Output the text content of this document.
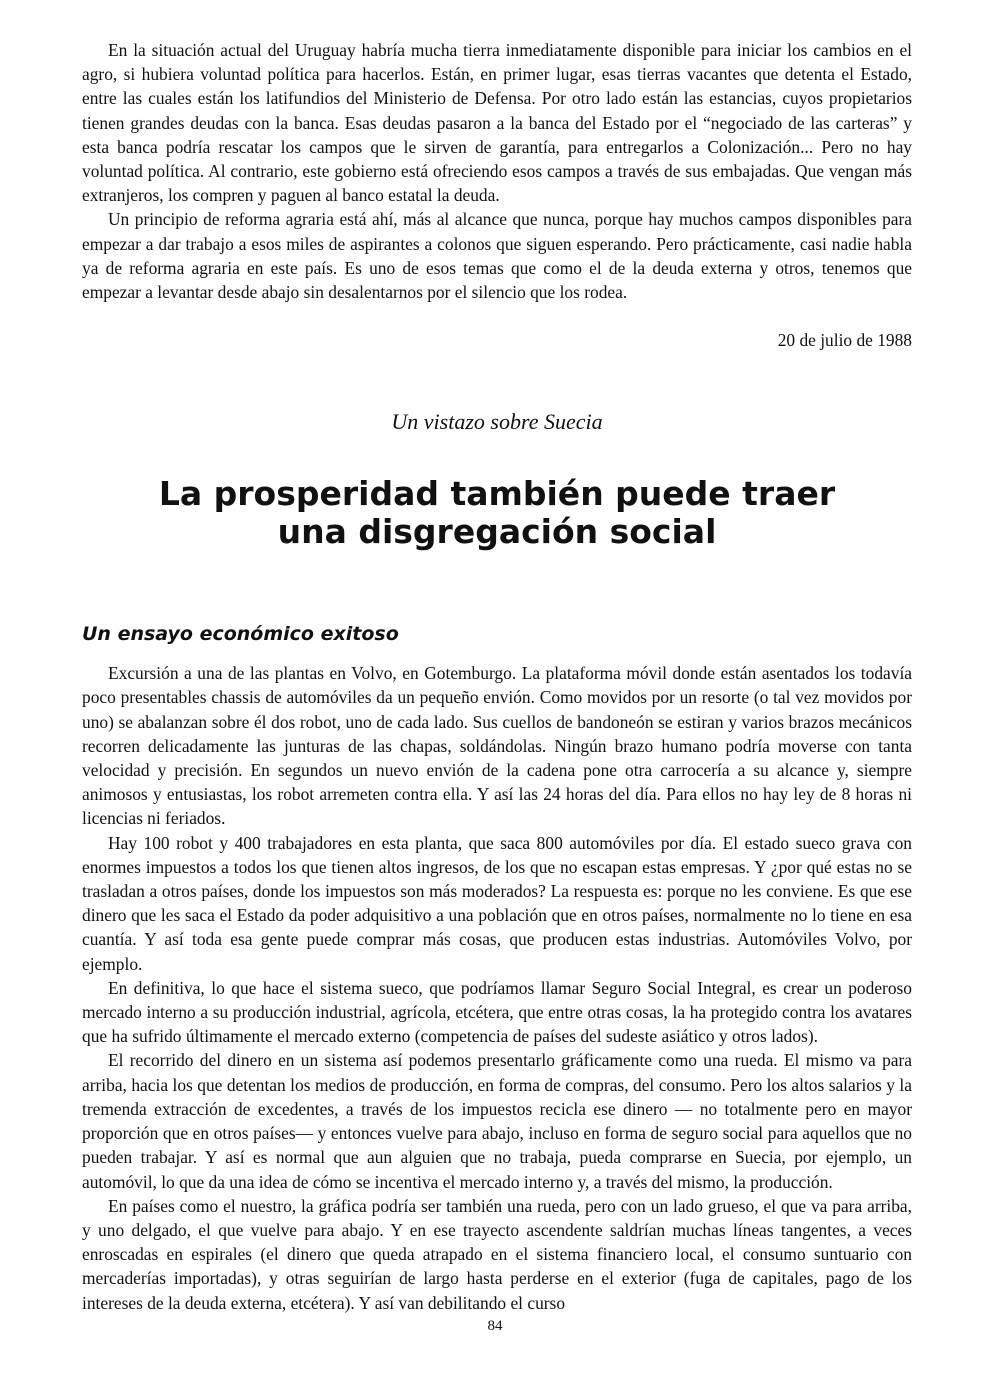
En la situación actual del Uruguay habría mucha tierra inmediatamente disponible para iniciar los cambios en el agro, si hubiera voluntad política para hacerlos. Están, en primer lugar, esas tierras vacantes que detenta el Estado, entre las cuales están los latifundios del Ministerio de Defensa. Por otro lado están las estancias, cuyos propietarios tienen grandes deudas con la banca. Esas deudas pasaron a la banca del Estado por el “negociado de las carteras” y esta banca podría rescatar los campos que le sirven de garantía, para entregarlos a Colonización... Pero no hay voluntad política. Al contrario, este gobierno está ofreciendo esos campos a través de sus embajadas. Que vengan más extranjeros, los compren y paguen al banco estatal la deuda.

Un principio de reforma agraria está ahí, más al alcance que nunca, porque hay muchos campos disponibles para empezar a dar trabajo a esos miles de aspirantes a colonos que siguen esperando. Pero prácticamente, casi nadie habla ya de reforma agraria en este país. Es uno de esos temas que como el de la deuda externa y otros, tenemos que empezar a levantar desde abajo sin desalentarnos por el silencio que los rodea.

20 de julio de 1988
Un vistazo sobre Suecia
La prosperidad también puede traer
una disgregación social
Un ensayo económico exitoso

Excursión a una de las plantas en Volvo, en Gotemburgo. La plataforma móvil donde están asentados los todavía poco presentables chassis de automóviles da un pequeño envión. Como movidos por un resorte (o tal vez movidos por uno) se abalanzan sobre él dos robot, uno de cada lado. Sus cuellos de bandoneón se estiran y varios brazos mecánicos recorren delicadamente las junturas de las chapas, soldándolas. Ningún brazo humano podría moverse con tanta velocidad y precisión. En segundos un nuevo envión de la cadena pone otra carrocería a su alcance y, siempre animosos y entusiastas, los robot arremeten contra ella. Y así las 24 horas del día. Para ellos no hay ley de 8 horas ni licencias ni feriados.

Hay 100 robot y 400 trabajadores en esta planta, que saca 800 automóviles por día. El estado sueco grava con enormes impuestos a todos los que tienen altos ingresos, de los que no escapan estas empresas. Y ¿por qué estas no se trasladan a otros países, donde los impuestos son más moderados? La respuesta es: porque no les conviene. Es que ese dinero que les saca el Estado da poder adquisitivo a una población que en otros países, normalmente no lo tiene en esa cuantía. Y así toda esa gente puede comprar más cosas, que producen estas industrias. Automóviles Volvo, por ejemplo.

En definitiva, lo que hace el sistema sueco, que podríamos llamar Seguro Social Integral, es crear un poderoso mercado interno a su producción industrial, agrícola, etcétera, que entre otras cosas, la ha protegido contra los avatares que ha sufrido últimamente el mercado externo (competencia de países del sudeste asiático y otros lados).

El recorrido del dinero en un sistema así podemos presentarlo gráficamente como una rueda. El mismo va para arriba, hacia los que detentan los medios de producción, en forma de compras, del consumo. Pero los altos salarios y la tremenda extracción de excedentes, a través de los impuestos recicla ese dinero — no totalmente pero en mayor proporción que en otros países— y entonces vuelve para abajo, incluso en forma de seguro social para aquellos que no pueden trabajar. Y así es normal que aun alguien que no trabaja, pueda comprarse en Suecia, por ejemplo, un automóvil, lo que da una idea de cómo se incentiva el mercado interno y, a través del mismo, la producción.

En países como el nuestro, la gráfica podría ser también una rueda, pero con un lado grueso, el que va para arriba, y uno delgado, el que vuelve para abajo. Y en ese trayecto ascendente saldrían muchas líneas tangentes, a veces enroscadas en espirales (el dinero que queda atrapado en el sistema financiero local, el consumo suntuario con mercaderías importadas), y otras seguirían de largo hasta perderse en el exterior (fuga de capitales, pago de los intereses de la deuda externa, etcétera). Y así van debilitando el curso

84
